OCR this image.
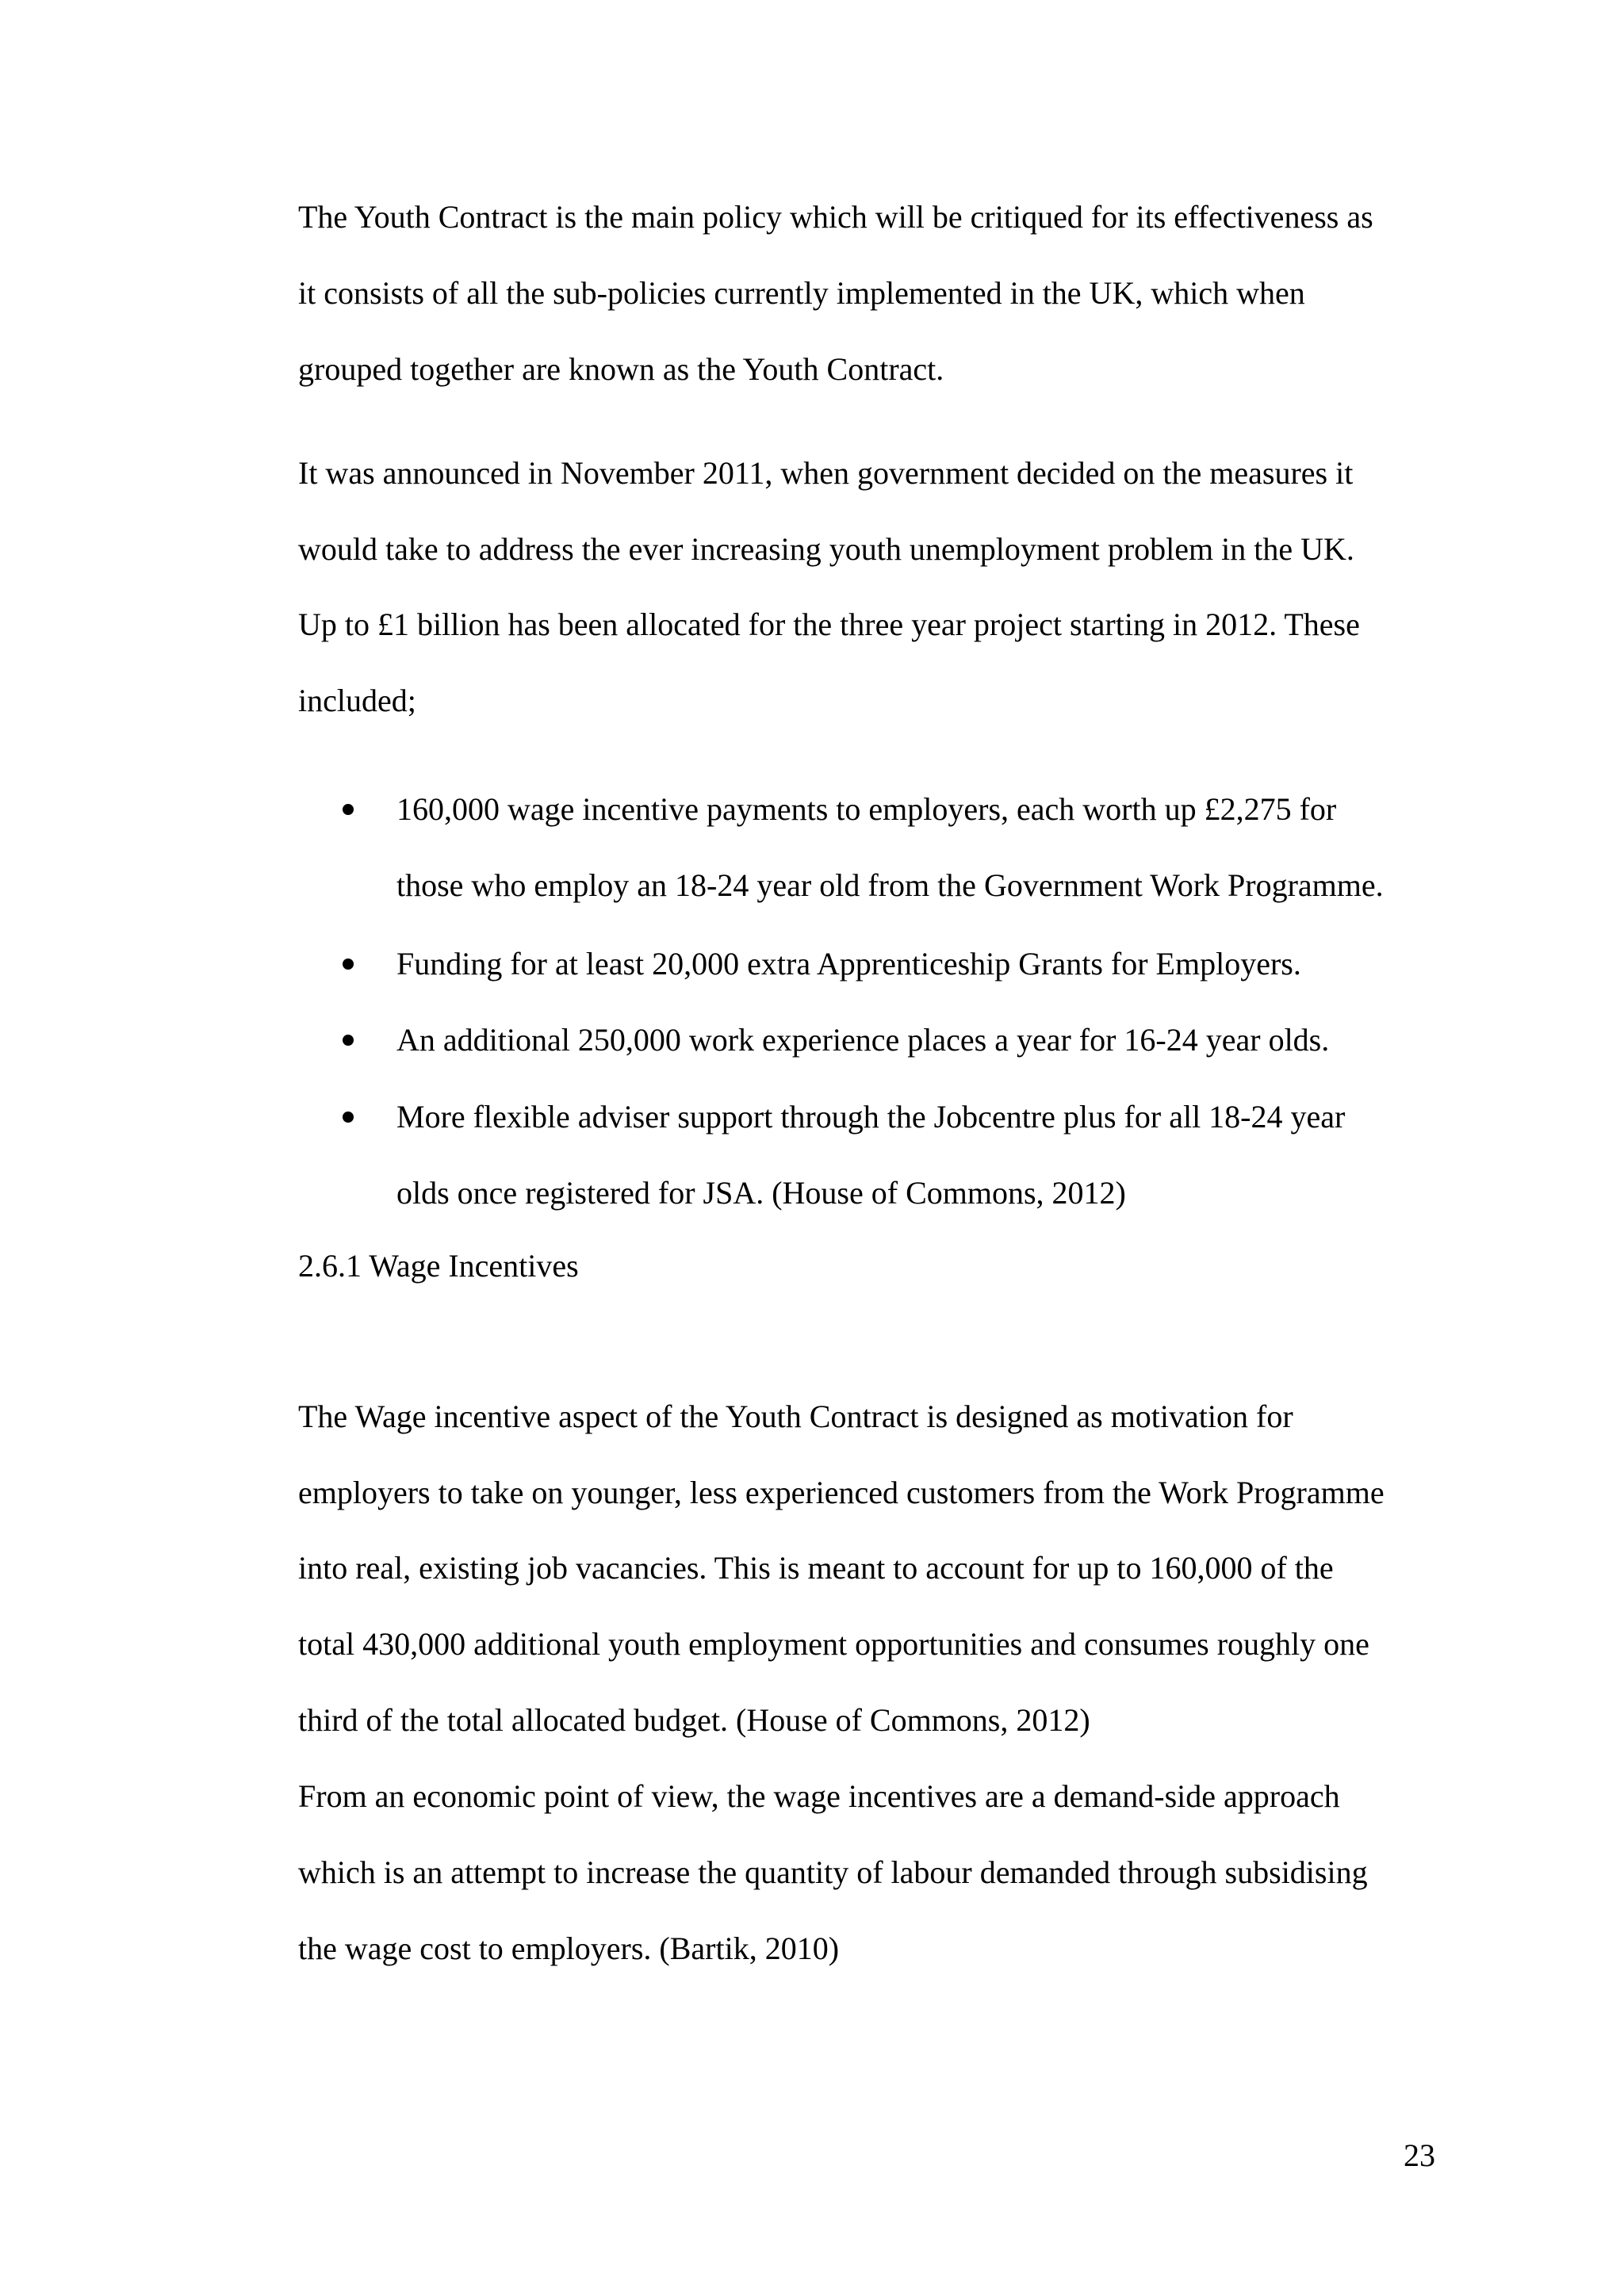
The Youth Contract is the main policy which will be critiqued for its effectiveness as

it consists of all the sub-policies currently implemented in the UK, which when

grouped together are known as the Youth Contract.

It was announced in November 2011, when government decided on the measures it

would take to address the ever increasing youth unemployment problem in the UK.

Up to £1 billion has been allocated for the three year project starting in 2012. These

included;

160,000 wage incentive payments to employers, each worth up £2,275 for

those who employ an 18-24 year old from the Government Work Programme.

Funding for at least 20,000 extra Apprenticeship Grants for Employers.

An additional 250,000 work experience places a year for 16-24 year olds.

More flexible adviser support through the Jobcentre plus for all 18-24 year

olds once registered for JSA. (House of Commons, 2012)

2.6.1 Wage Incentives

The Wage incentive aspect of the Youth Contract is designed as motivation for

employers to take on younger, less experienced customers from the Work Programme

into real, existing job vacancies. This is meant to account for up to 160,000 of the

total 430,000 additional youth employment opportunities and consumes roughly one

third of the total allocated budget. (House of Commons, 2012)

From an economic point of view, the wage incentives are a demand-side approach

which is an attempt to increase the quantity of labour demanded through subsidising

the wage cost to employers. (Bartik, 2010)

23
